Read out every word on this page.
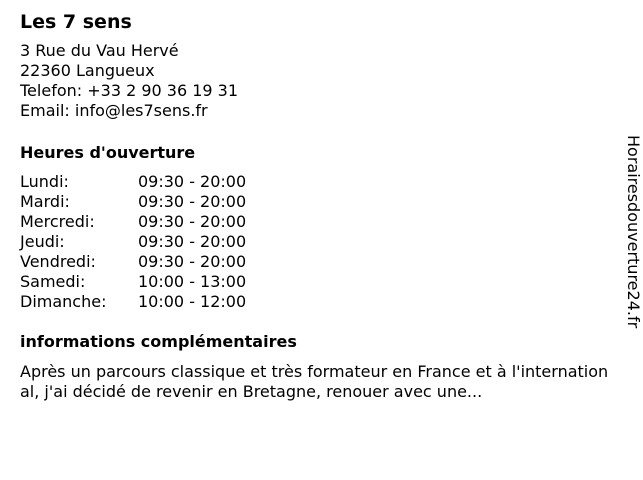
Les 7 sens
3 Rue du Vau Hervé
22360 Langueux
Telefon: +33 2 90 36 19 31
Email: info@les7sens.fr
Heures d'ouverture
Lundi:	09:30 - 20:00
Mardi:	09:30 - 20:00
Mercredi:	09:30 - 20:00
Jeudi:	09:30 - 20:00
Vendredi:	09:30 - 20:00
Samedi:	10:00 - 13:00
Dimanche: 10:00 - 12:00
informations complémentaires
Après un parcours classique et très formateur en France et à l'international, j'ai décidé de revenir en Bretagne, renouer avec une...
Horairesdouverture24.fr
